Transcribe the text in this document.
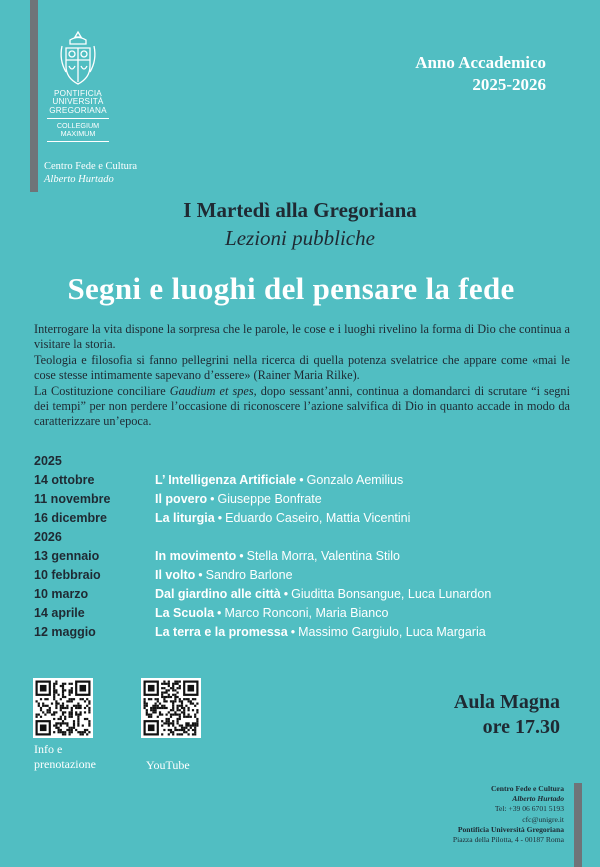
PONTIFICIA
UNIVERSITÀ
GREGORIANA
COLLEGIUM
MAXIMUM
Centro Fede e Cultura
Alberto Hurtado
Anno Accademico
2025-2026
I Martedì alla Gregoriana
Lezioni pubbliche
Segni e luoghi del pensare la fede

Interrogare la vita dispone la sorpresa che le parole, le cose e i luoghi rivelino la forma di Dio che continua a visitare la storia.

Teologia e filosofia si fanno pellegrini nella ricerca di quella potenza svelatrice che appare come «mai le cose stesse intimamente sapevano d’essere» (Rainer Maria Rilke).

La Costituzione conciliare Gaudium et spes, dopo sessant’anni, continua a domandarci di scrutare “i segni dei tempi” per non perdere l’occasione di riconoscere l’azione salvifica di Dio in quanto accade in modo da caratterizzare un’epoca.

2025
14 ottobre	L’ Intelligenza Artificiale • Gonzalo Aemilius
11 novembre	Il povero • Giuseppe Bonfrate
16 dicembre	La liturgia • Eduardo Caseiro, Mattia Vicentini
2026
13 gennaio	In movimento • Stella Morra, Valentina Stilo
10 febbraio	Il volto • Sandro Barlone
10 marzo	Dal giardino alle città • Giuditta Bonsangue, Luca Lunardon
14 aprile	La Scuola • Marco Ronconi, Maria Bianco
12 maggio	La terra e la promessa • Massimo Gargiulo, Luca Margaria
Info e
prenotazione	YouTube
Aula Magna
ore 17.30
Centro Fede e Cultura
Alberto Hurtado
Tel: +39 06 6701 5193
cfc@unigre.it
Pontificia Università Gregoriana
Piazza della Pilotta, 4 - 00187 Roma
